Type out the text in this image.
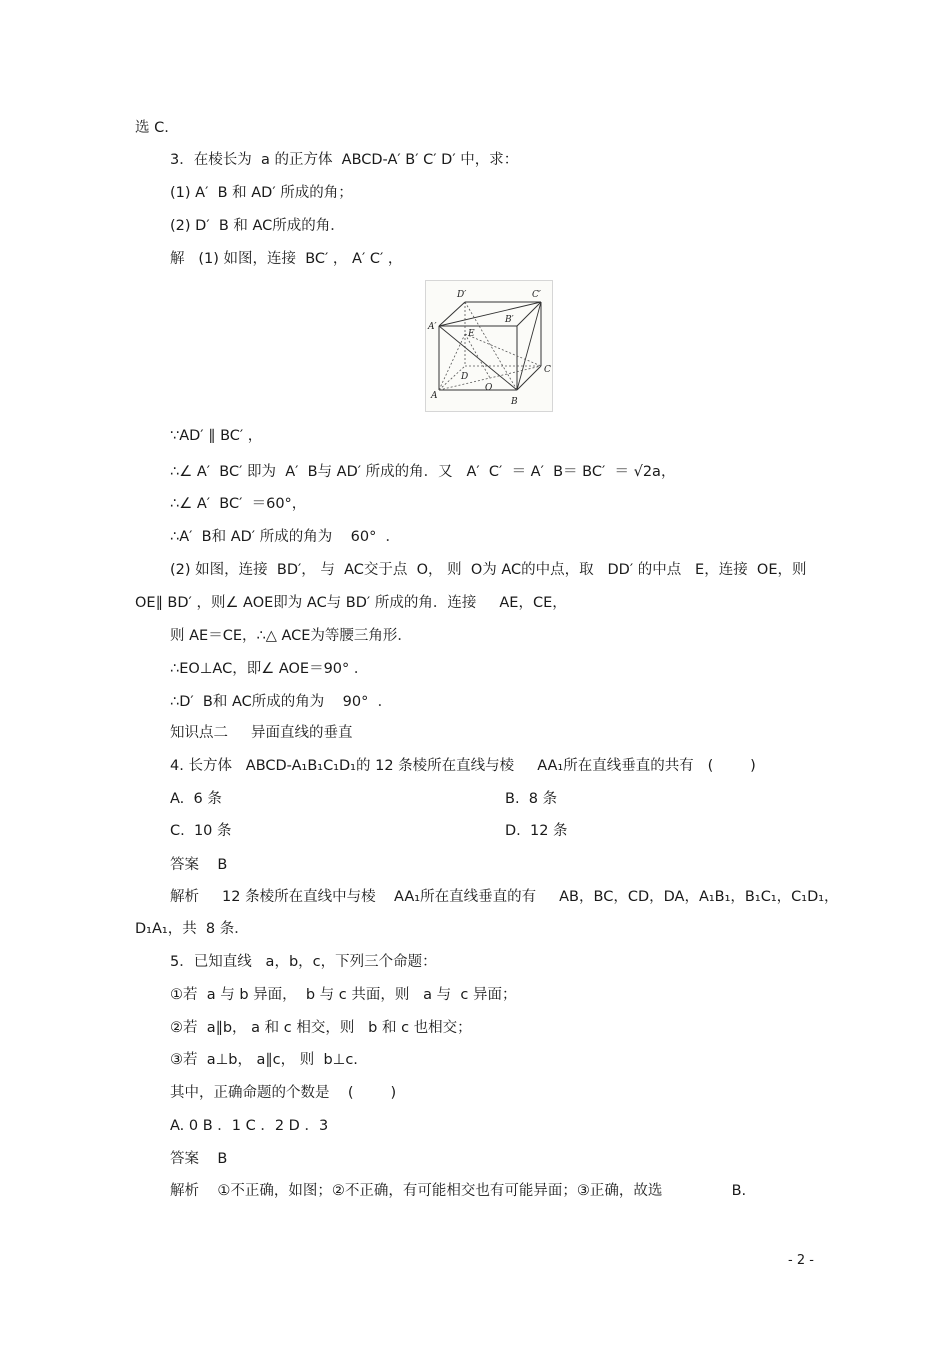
选 C.
3．在棱长为  a 的正方体  ABCD-A′ B′ C′ D′ 中，求：
(1) A′  B 和 AD′ 所成的角；
(2) D′  B 和 AC所成的角．
解   (1) 如图，连接  BC′ ， A′ C′ ，
D′	C′
A′
B′
E
D
C
A
O
B
∵AD′ ∥ BC′ ，
∴∠ A′  BC′ 即为  A′  B与 AD′ 所成的角．又   A′  C′  ＝ A′  B＝ BC′  ＝ √2a，
∴∠ A′  BC′  ＝60°，
∴A′  B和 AD′ 所成的角为    60°  ．
(2) 如图，连接  BD′， 与  AC交于点  O， 则  O为 AC的中点，取   DD′ 的中点   E，连接  OE，则
OE∥ BD′ ，则∠ AOE即为 AC与 BD′ 所成的角．连接     AE，CE，
则 AE＝CE，∴△ ACE为等腰三角形．
∴EO⊥AC，即∠ AOE＝90° ．
∴D′  B和 AC所成的角为    90°  ．
知识点二     异面直线的垂直
4. 长方体   ABCD-A₁B₁C₁D₁的 12 条棱所在直线与棱     AA₁所在直线垂直的共有   (        )
A.  6 条	B.  8 条
C.  10 条	D.  12 条
答案    B
解析     12 条棱所在直线中与棱    AA₁所在直线垂直的有     AB，BC，CD，DA，A₁B₁，B₁C₁，C₁D₁，
D₁A₁，共  8 条．
5．已知直线   a，b，c，下列三个命题：
①若  a 与 b 异面，  b 与 c 共面，则   a 与  c 异面；
②若  a∥b， a 和 c 相交，则   b 和 c 也相交；
③若  a⊥b， a∥c， 则  b⊥c.
其中，正确命题的个数是    (        )
A. 0 B ．1 C ．2 D ．3
答案    B
解析    ①不正确，如图；②不正确，有可能相交也有可能异面；③正确，故选               B.
- 2 -
